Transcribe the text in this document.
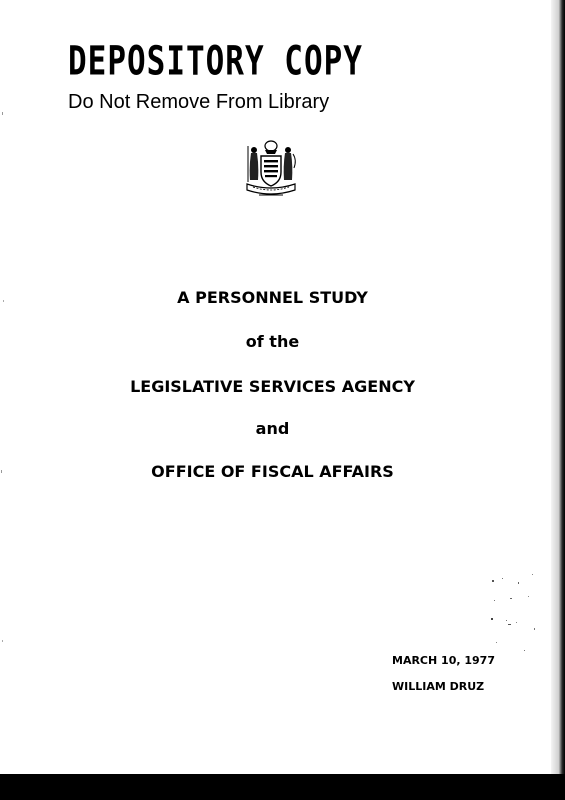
DEPOSITORY COPY
Do Not Remove From Library
A PERSONNEL STUDY
of the
LEGISLATIVE SERVICES AGENCY
and
OFFICE OF FISCAL AFFAIRS
MARCH 10, 1977
WILLIAM DRUZ
